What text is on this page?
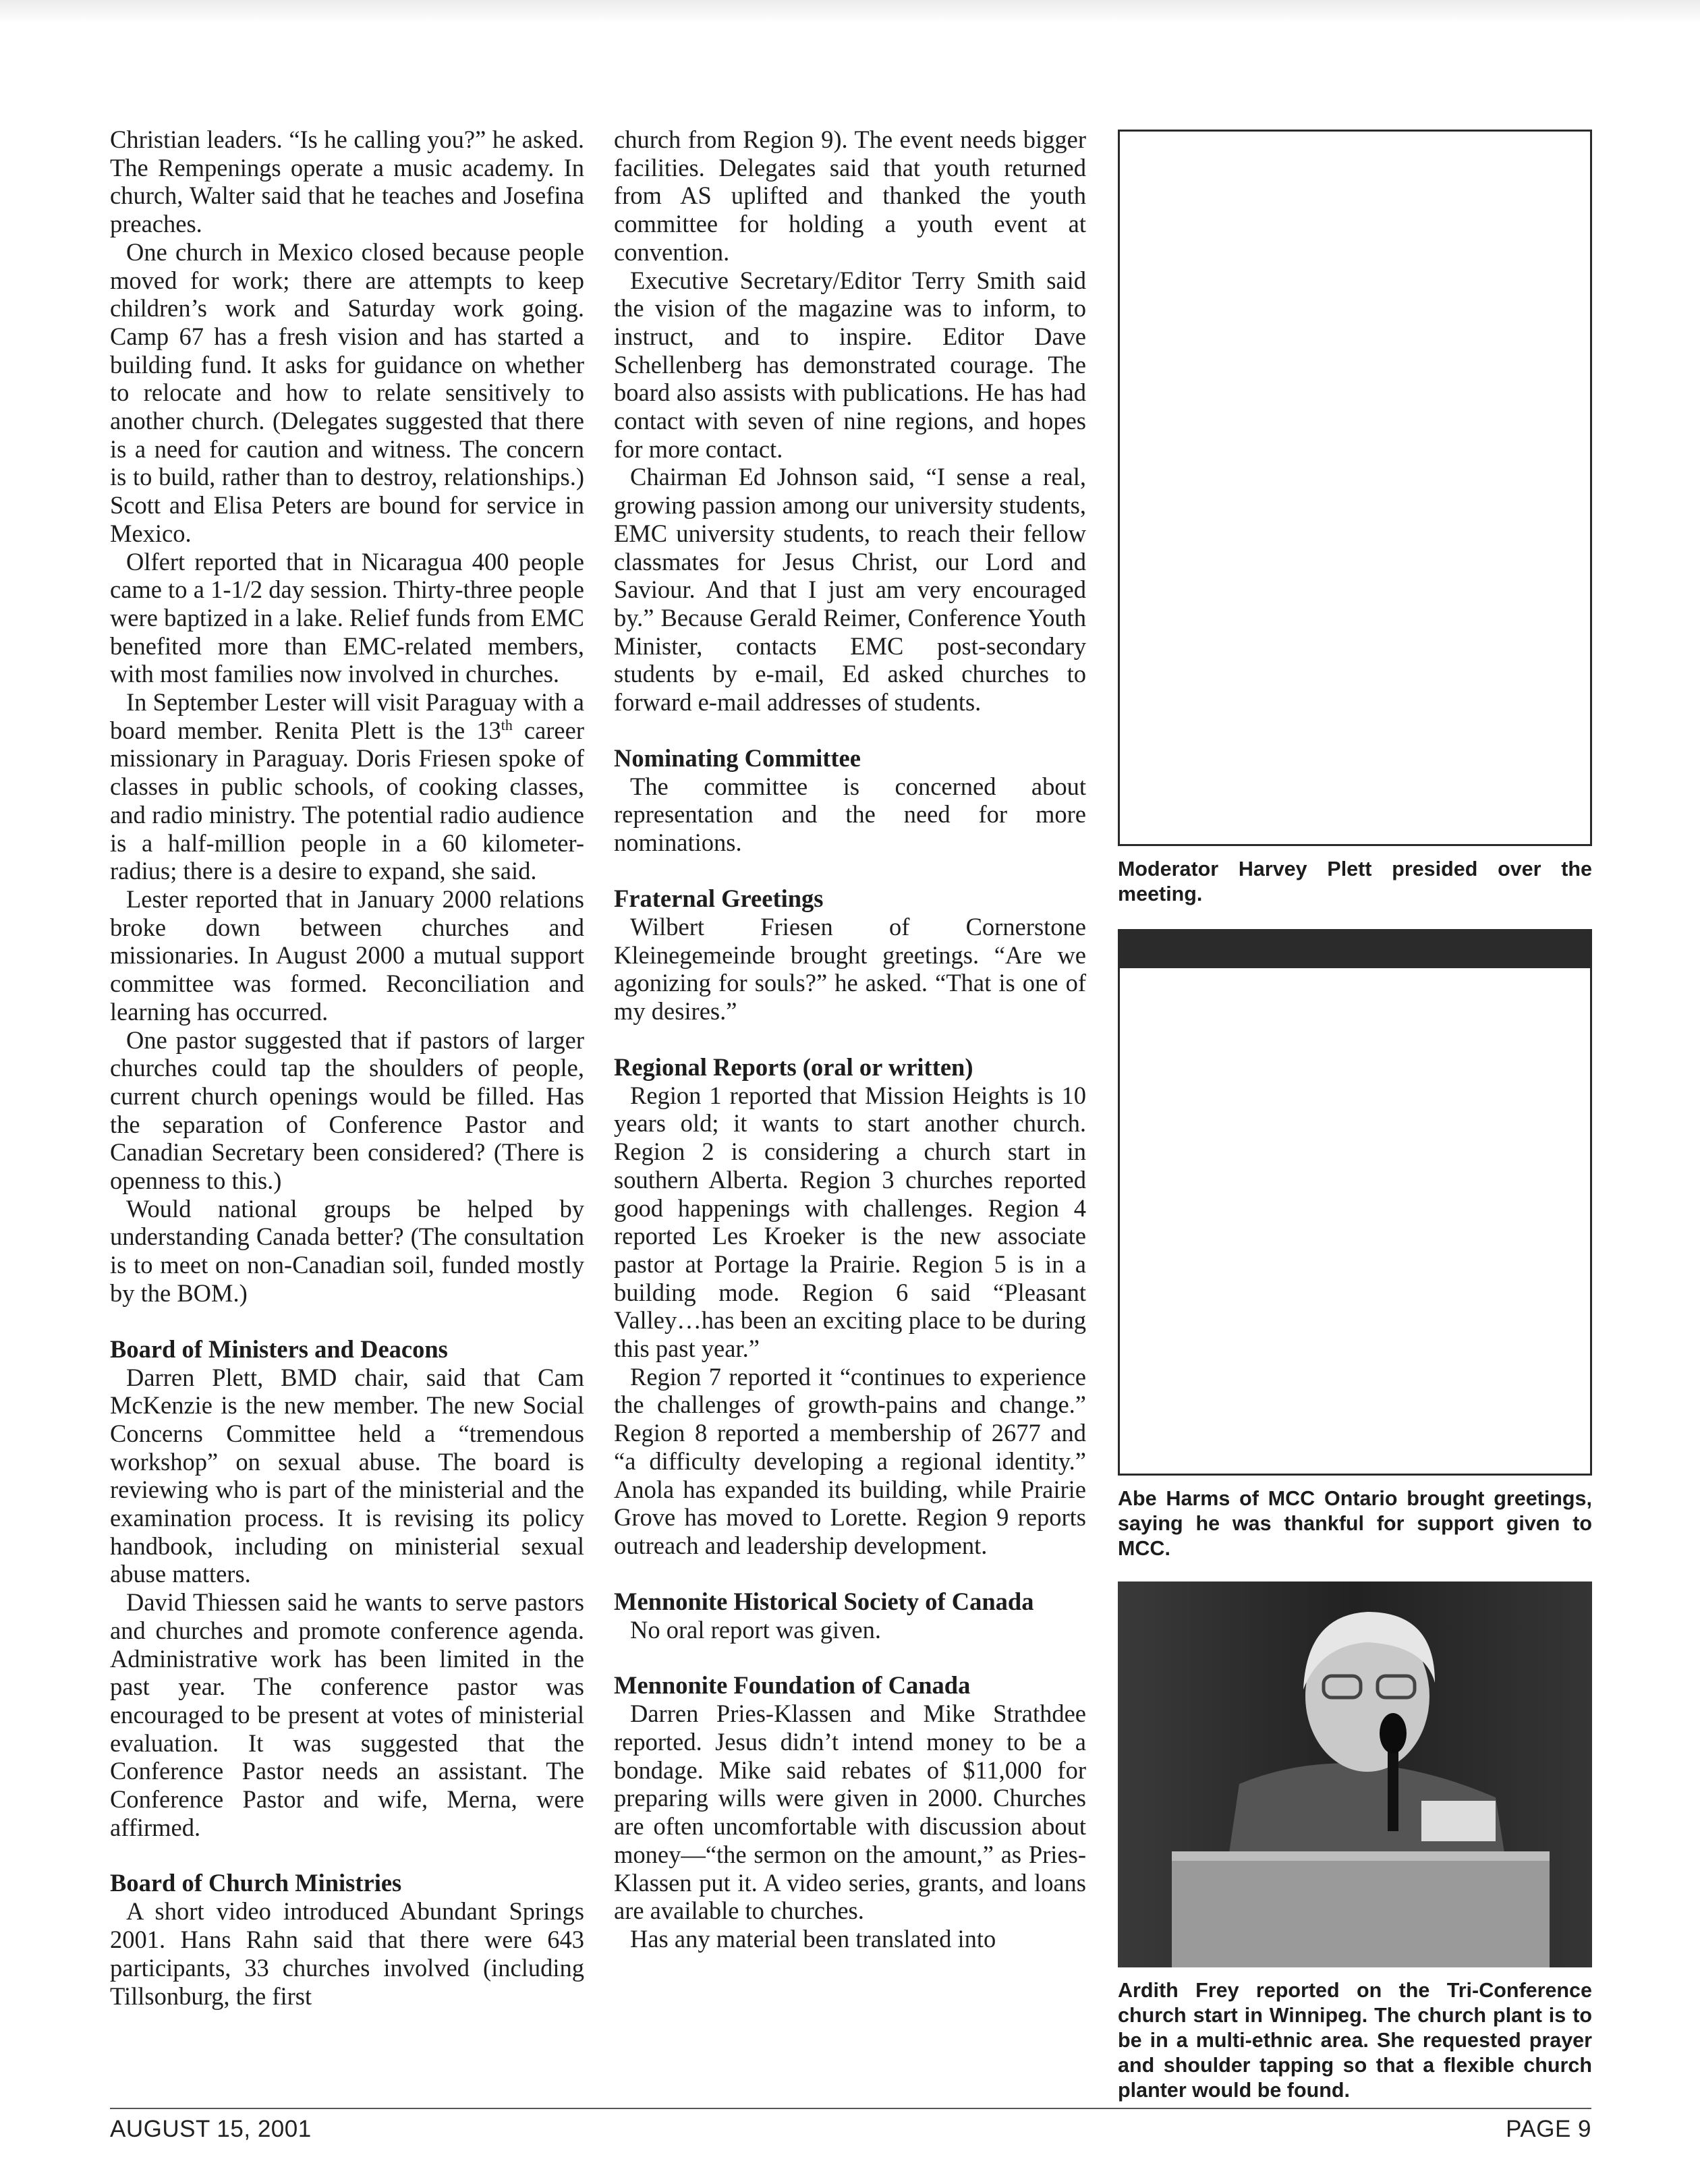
Christian leaders. “Is he calling you?” he asked. The Rempenings operate a music academy. In church, Walter said that he teaches and Josefina preaches.

One church in Mexico closed because people moved for work; there are attempts to keep children’s work and Saturday work going. Camp 67 has a fresh vision and has started a building fund. It asks for guidance on whether to relocate and how to relate sensitively to another church. (Delegates suggested that there is a need for caution and witness. The concern is to build, rather than to destroy, relationships.) Scott and Elisa Peters are bound for service in Mexico.

Olfert reported that in Nicaragua 400 people came to a 1-1/2 day session. Thirty-three people were baptized in a lake. Relief funds from EMC benefited more than EMC-related members, with most families now involved in churches.

In September Lester will visit Paraguay with a board member. Renita Plett is the 13th career missionary in Paraguay. Doris Friesen spoke of classes in public schools, of cooking classes, and radio ministry. The potential radio audience is a half-million people in a 60 kilometer-radius; there is a desire to expand, she said.

Lester reported that in January 2000 relations broke down between churches and missionaries. In August 2000 a mutual support committee was formed. Reconciliation and learning has occurred.

One pastor suggested that if pastors of larger churches could tap the shoulders of people, current church openings would be filled. Has the separation of Conference Pastor and Canadian Secretary been considered? (There is openness to this.)

Would national groups be helped by understanding Canada better? (The consultation is to meet on non-Canadian soil, funded mostly by the BOM.)

Board of Ministers and Deacons

Darren Plett, BMD chair, said that Cam McKenzie is the new member. The new Social Concerns Committee held a “tremendous workshop” on sexual abuse. The board is reviewing who is part of the ministerial and the examination process. It is revising its policy handbook, including on ministerial sexual abuse matters.

David Thiessen said he wants to serve pastors and churches and promote conference agenda. Administrative work has been limited in the past year. The conference pastor was encouraged to be present at votes of ministerial evaluation. It was suggested that the Conference Pastor needs an assistant. The Conference Pastor and wife, Merna, were affirmed.

Board of Church Ministries

A short video introduced Abundant Springs 2001. Hans Rahn said that there were 643 participants, 33 churches involved (including Tillsonburg, the first

church from Region 9). The event needs bigger facilities. Delegates said that youth returned from AS uplifted and thanked the youth committee for holding a youth event at convention.

Executive Secretary/Editor Terry Smith said the vision of the magazine was to inform, to instruct, and to inspire. Editor Dave Schellenberg has demonstrated courage. The board also assists with publications. He has had contact with seven of nine regions, and hopes for more contact.

Chairman Ed Johnson said, “I sense a real, growing passion among our university students, EMC university students, to reach their fellow classmates for Jesus Christ, our Lord and Saviour. And that I just am very encouraged by.” Because Gerald Reimer, Conference Youth Minister, contacts EMC post-secondary students by e-mail, Ed asked churches to forward e-mail addresses of students.

Nominating Committee

The committee is concerned about representation and the need for more nominations.

Fraternal Greetings

Wilbert Friesen of Cornerstone Kleinegemeinde brought greetings. “Are we agonizing for souls?” he asked. “That is one of my desires.”

Regional Reports (oral or written)

Region 1 reported that Mission Heights is 10 years old; it wants to start another church. Region 2 is considering a church start in southern Alberta. Region 3 churches reported good happenings with challenges. Region 4 reported Les Kroeker is the new associate pastor at Portage la Prairie. Region 5 is in a building mode. Region 6 said “Pleasant Valley…has been an exciting place to be during this past year.”

Region 7 reported it “continues to experience the challenges of growth-pains and change.” Region 8 reported a membership of 2677 and “a difficulty developing a regional identity.” Anola has expanded its building, while Prairie Grove has moved to Lorette. Region 9 reports outreach and leadership development.

Mennonite Historical Society of Canada

No oral report was given.

Mennonite Foundation of Canada

Darren Pries-Klassen and Mike Strathdee reported. Jesus didn’t intend money to be a bondage. Mike said rebates of $11,000 for preparing wills were given in 2000. Churches are often uncomfortable with discussion about money—“the sermon on the amount,” as Pries-Klassen put it. A video series, grants, and loans are available to churches.

Has any material been translated into

Moderator Harvey Plett presided over the meeting.
Abe Harms of MCC Ontario brought greetings, saying he was thankful for support given to MCC.
Ardith Frey reported on the Tri-Conference church start in Winnipeg. The church plant is to be in a multi-ethnic area. She requested prayer and shoulder tapping so that a flexible church planter would be found.
AUGUST 15, 2001	PAGE 9
